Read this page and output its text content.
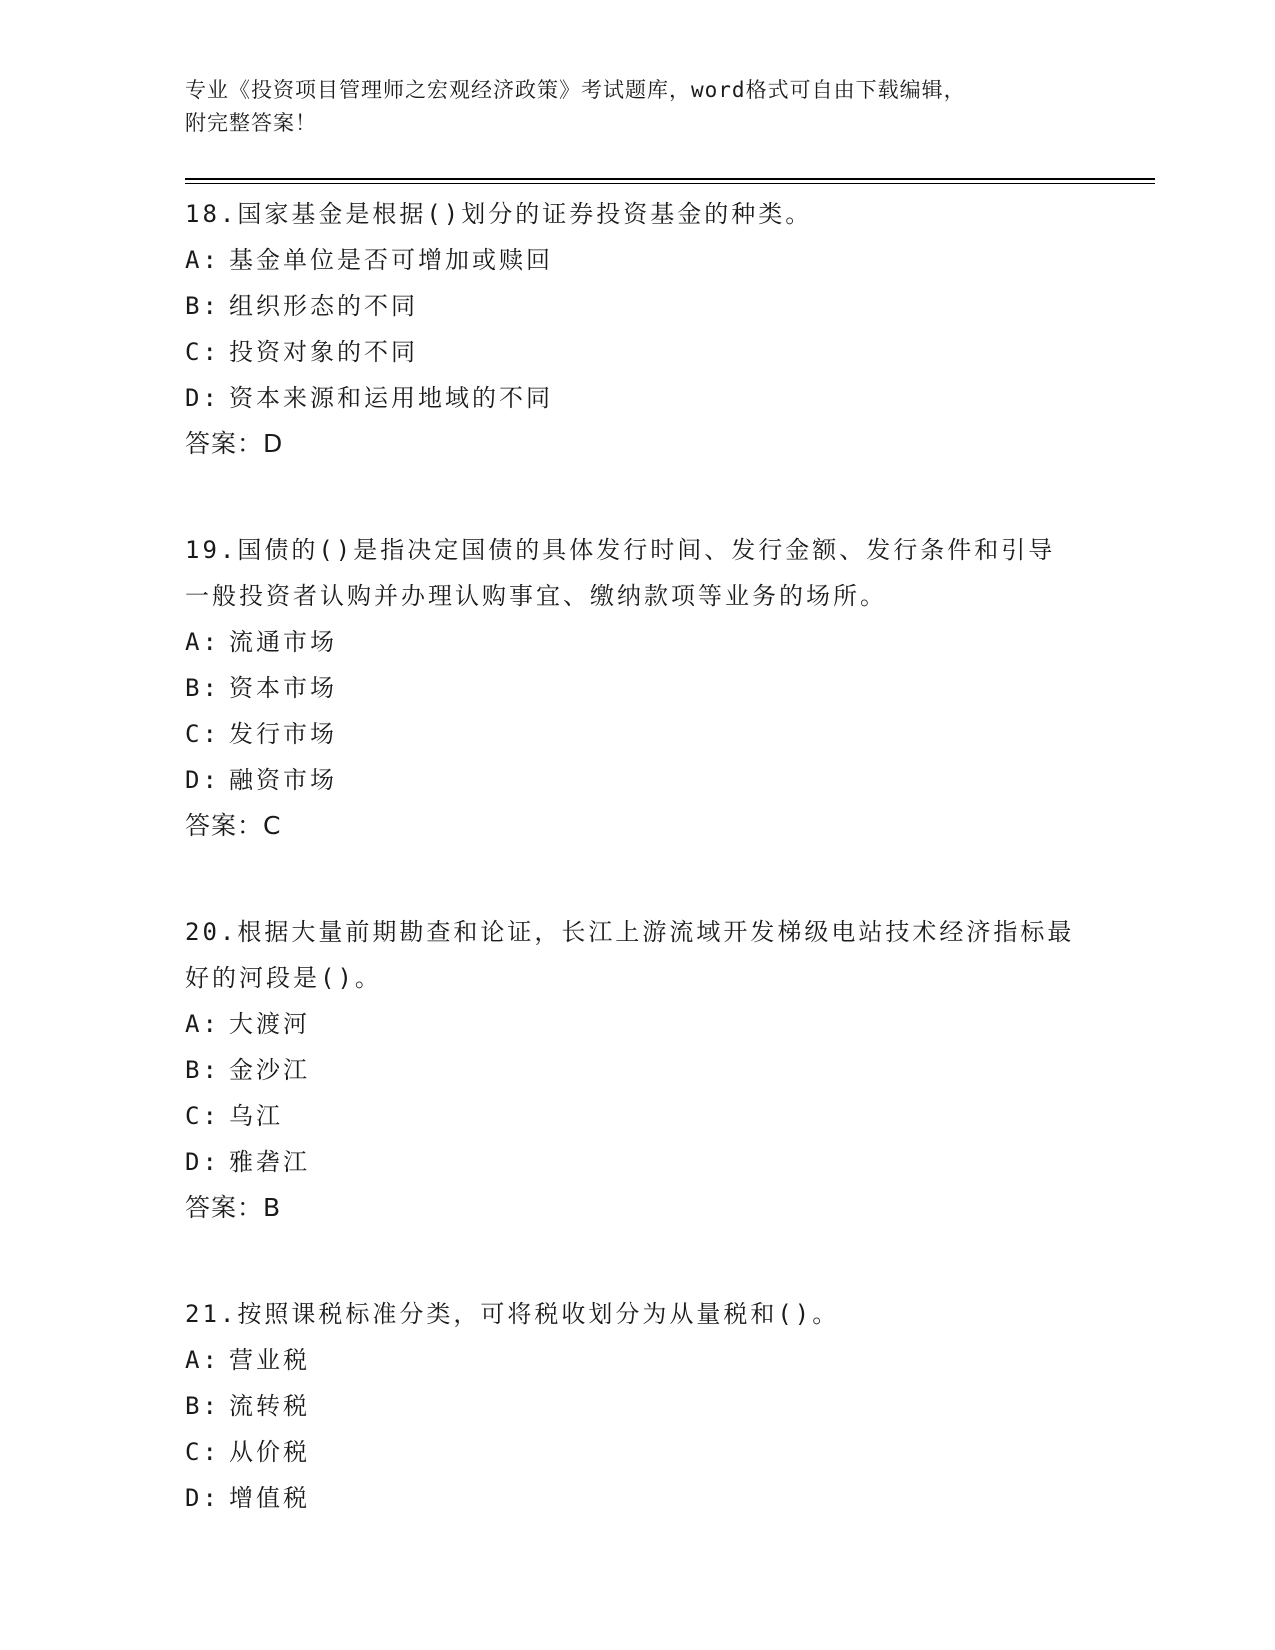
专业《投资项目管理师之宏观经济政策》考试题库，word格式可自由下载编辑，
附完整答案！

18.国家基金是根据()划分的证券投资基金的种类。

A: 基金单位是否可增加或赎回

B: 组织形态的不同

C: 投资对象的不同

D: 资本来源和运用地域的不同

答案：D

19.国债的()是指决定国债的具体发行时间、发行金额、发行条件和引导一般投资者认购并办理认购事宜、缴纳款项等业务的场所。

A: 流通市场

B: 资本市场

C: 发行市场

D: 融资市场

答案：C

20.根据大量前期勘查和论证，长江上游流域开发梯级电站技术经济指标最好的河段是()。

A: 大渡河

B: 金沙江

C: 乌江

D: 雅砻江

答案：B

21.按照课税标准分类，可将税收划分为从量税和()。

A: 营业税

B: 流转税

C: 从价税

D: 增值税
